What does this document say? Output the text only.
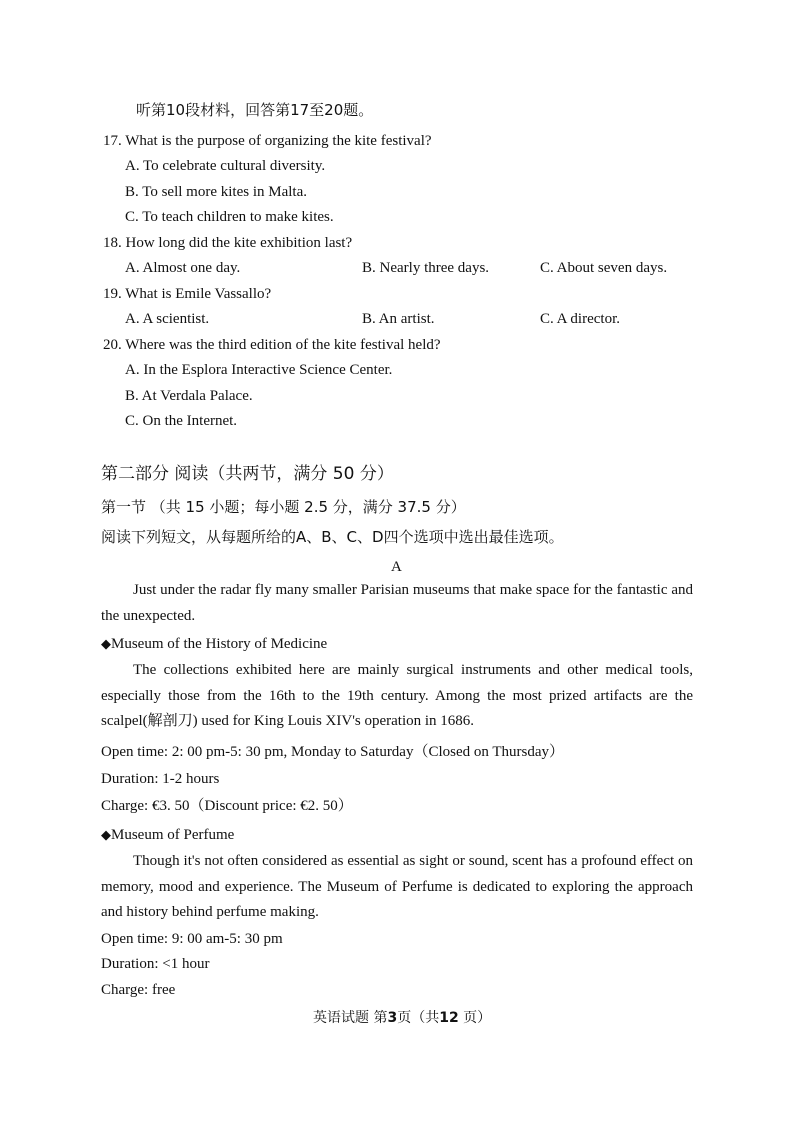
听第10段材料，回答第17至20题。
17. What is the purpose of organizing the kite festival?
A. To celebrate cultural diversity.
B. To sell more kites in Malta.
C. To teach children to make kites.
18. How long did the kite exhibition last?
A. Almost one day.	B. Nearly three days.	C. About seven days.
19. What is Emile Vassallo?
A. A scientist.	B. An artist.	C. A director.
20. Where was the third edition of the kite festival held?
A. In the Esplora Interactive Science Center.
B. At Verdala Palace.
C. On the Internet.
第二部分 阅读（共两节，满分 50 分）
第一节 （共 15 小题；每小题 2.5 分，满分 37.5 分）
阅读下列短文，从每题所给的A、B、C、D四个选项中选出最佳选项。
A
Just under the radar fly many smaller Parisian museums that make space for the fantastic and the unexpected.
◆Museum of the History of Medicine
The collections exhibited here are mainly surgical instruments and other medical tools, especially those from the 16th to the 19th century. Among the most prized artifacts are the scalpel(解剖刀) used for King Louis XIV's operation in 1686.
Open time: 2: 00 pm-5: 30 pm, Monday to Saturday（Closed on Thursday）
Duration: 1-2 hours
Charge: €3. 50（Discount price: €2. 50）
◆Museum of Perfume
Though it's not often considered as essential as sight or sound, scent has a profound effect on memory, mood and experience. The Museum of Perfume is dedicated to exploring the approach and history behind perfume making.
Open time: 9: 00 am-5: 30 pm
Duration: <1 hour
Charge: free
英语试题 第3页（共12 页）
